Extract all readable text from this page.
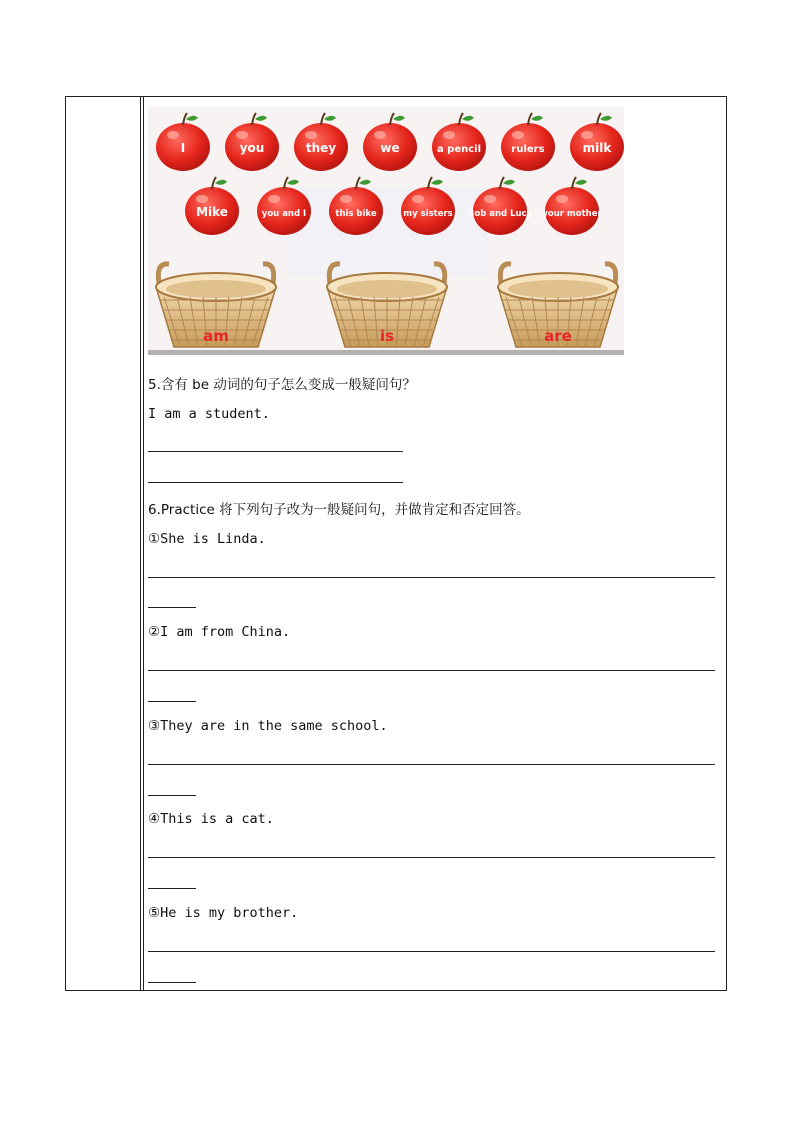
I	you	they	we	a pencil	rulers	milk
Mike	you and I	this bike	my sisters Bob and Lucy your mother
am	is	are
5.含有 be 动词的句子怎么变成一般疑问句？
I am a student.
6.Practice 将下列句子改为一般疑问句，并做肯定和否定回答。
①She is Linda.
②I am from China.
③They are in the same school.
④This is a cat.
⑤He is my brother.
